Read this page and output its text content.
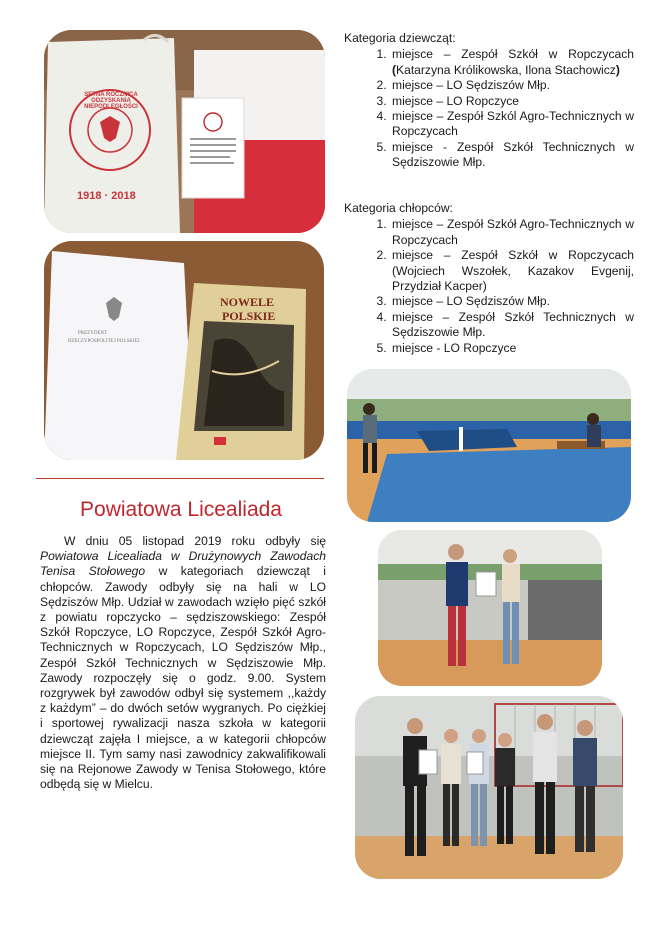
SETNA ROCZNICA ODZYSKANIA NIEPODLEGŁOŚCI
1918 · 2018
PREZYDENT
RZECZYPOSPOLITEJ POLSKIEJ
NOWELE
POLSKIE
Powiatowa Licealiada

W dniu 05 listopad 2019 roku odbyły się Powiatowa Licealiada w Drużynowych Zawodach Tenisa Stołowego w kategoriach dziewcząt i chłopców. Zawody odbyły się na hali w LO Sędziszów Młp. Udział w zawodach wzięło pięć szkół z powiatu ropczycko – sędziszowskiego: Zespół Szkół Ropczyce, LO Ropczyce, Zespół Szkół Agro-Technicznych w Ropczycach, LO Sędziszów Młp., Zespół Szkół Technicznych w Sędziszowie Młp. Zawody rozpoczęły się o godz. 9.00. System rozgrywek był zawodów odbył się systemem ,,każdy z każdym” – do dwóch setów wygranych. Po ciężkiej i sportowej rywalizacji nasza szkoła w kategorii dziewcząt zajęła I miejsce, a w kategorii chłopców miejsce II. Tym samy nasi zawodnicy zakwalifikowali się na Rejonowe Zawody w Tenisa Stołowego, które odbędą się w Mielcu.

Kategoria dziewcząt:
1. miejsce – Zespół Szkół w Ropczycach (Katarzyna Królikowska, Ilona Stachowicz)
2. miejsce – LO Sędziszów Młp.
3. miejsce – LO Ropczyce
4. miejsce – Zespół Szkól Agro-Technicznych w Ropczycach
5. miejsce - Zespół Szkół Technicznych w Sędziszowie Młp.
Kategoria chłopców:
1. miejsce – Zespół Szkół Agro-Technicznych w Ropczycach
2. miejsce – Zespół Szkół w Ropczycach (Wojciech Wszołek, Kazakov Evgenij, Przydział Kacper)
3. miejsce – LO Sędziszów Młp.
4. miejsce – Zespół Szkół Technicznych w Sędziszowie Młp.
5. miejsce - LO Ropczyce
